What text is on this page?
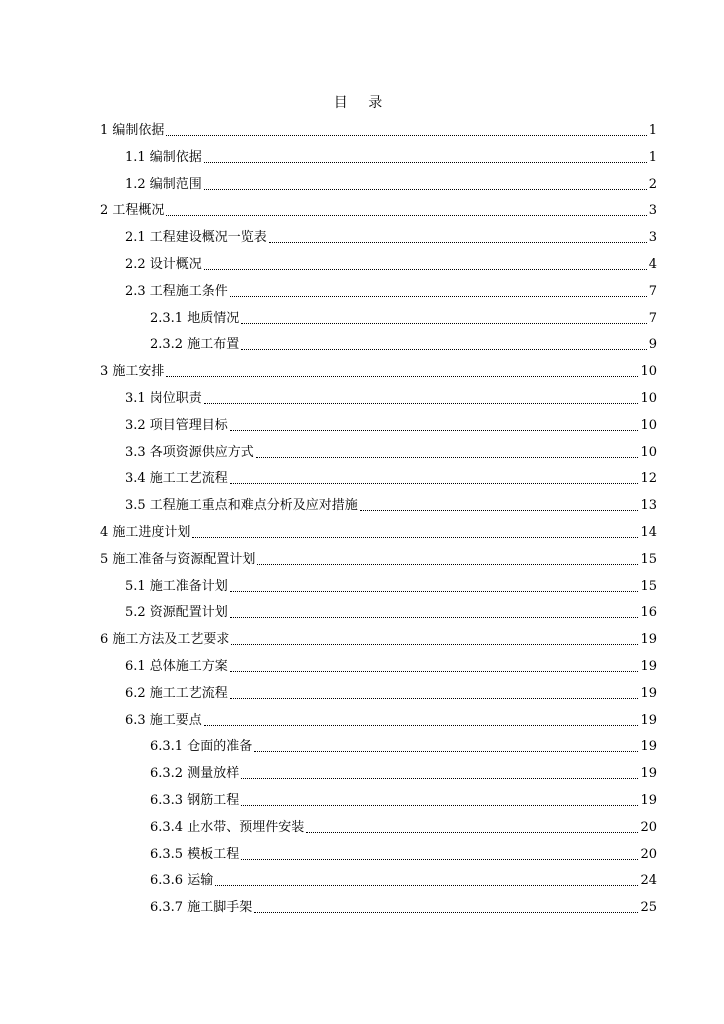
目 录
1 编制依据	1
1.1 编制依据	1
1.2 编制范围	2
2 工程概况	3
2.1 工程建设概况一览表	3
2.2 设计概况	4
2.3 工程施工条件	7
2.3.1 地质情况	7
2.3.2 施工布置	9
3 施工安排	10
3.1 岗位职责	10
3.2 项目管理目标	10
3.3 各项资源供应方式	10
3.4 施工工艺流程	12
3.5 工程施工重点和难点分析及应对措施	13
4 施工进度计划	14
5 施工准备与资源配置计划	15
5.1 施工准备计划	15
5.2 资源配置计划	16
6 施工方法及工艺要求	19
6.1 总体施工方案	19
6.2 施工工艺流程	19
6.3 施工要点	19
6.3.1 仓面的准备	19
6.3.2 测量放样	19
6.3.3 钢筋工程	19
6.3.4 止水带、预埋件安装	20
6.3.5 模板工程	20
6.3.6 运输	24
6.3.7 施工脚手架	25
